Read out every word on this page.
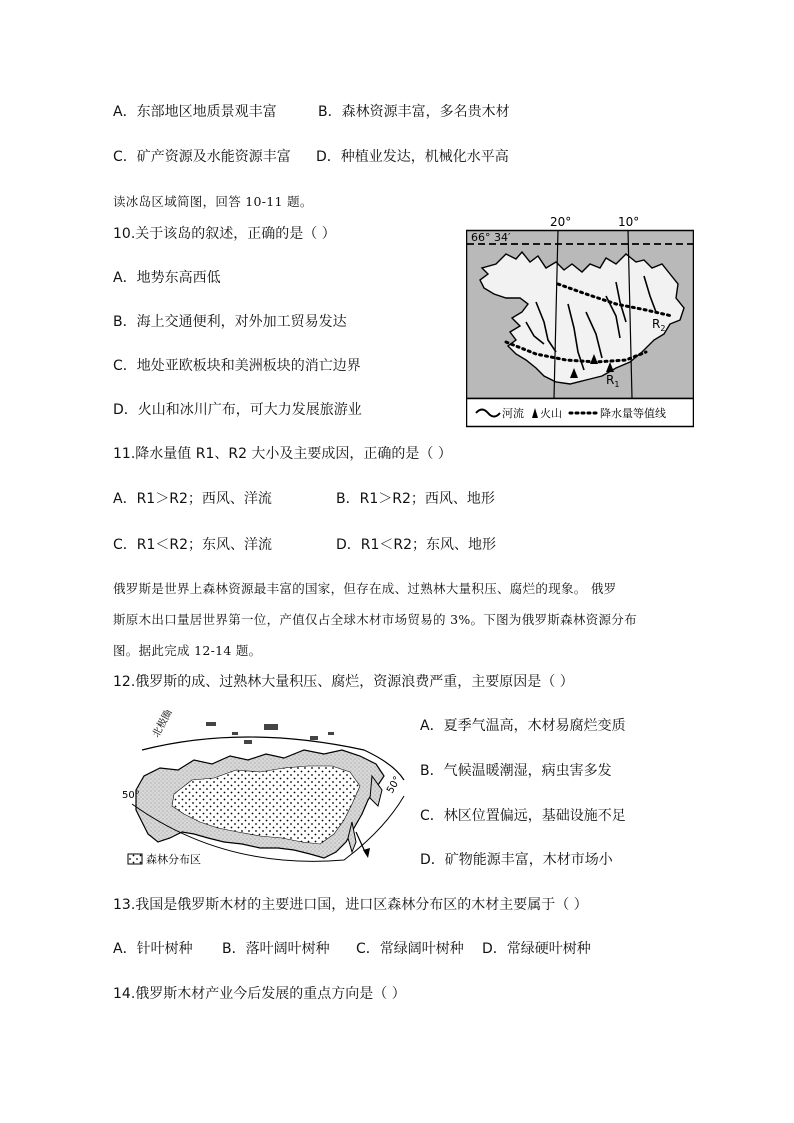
A．东部地区地质景观丰富	B．森林资源丰富，多名贵木材
C．矿产资源及水能资源丰富 D．种植业发达，机械化水平高
读冰岛区域简图，回答 10-11 题。
10.关于该岛的叙述，正确的是（ ）
A．地势东高西低
B．海上交通便利，对外加工贸易发达
C．地处亚欧板块和美洲板块的消亡边界
D．火山和冰川广布，可大力发展旅游业
20°	10°
66° 34′
$R_2$
$R_1$
河流 火山	降水量等值线
11.降水量值 R1、R2 大小及主要成因，正确的是（ ）
A．R1＞R2；西风、洋流	B．R1＞R2；西风、地形
C．R1＜R2；东风、洋流	D．R1＜R2；东风、地形
俄罗斯是世界上森林资源最丰富的国家，但存在成、过熟林大量积压、腐烂的现象。 俄罗
斯原木出口量居世界第一位，产值仅占全球木材市场贸易的 3%。下图为俄罗斯森林资源分布
图。据此完成 12-14 题。
12.俄罗斯的成、过熟林大量积压、腐烂，资源浪费严重，主要原因是（ ）
A．夏季气温高，木材易腐烂变质
B．气候温暖潮湿，病虫害多发
C．林区位置偏远，基础设施不足
D．矿物能源丰富，木材市场小
北极圈
50°	50°
森林分布区
13.我国是俄罗斯木材的主要进口国，进口区森林分布区的木材主要属于（ ）
A．针叶树种 B．落叶阔叶树种 C．常绿阔叶树种 D．常绿硬叶树种
14.俄罗斯木材产业今后发展的重点方向是（ ）
